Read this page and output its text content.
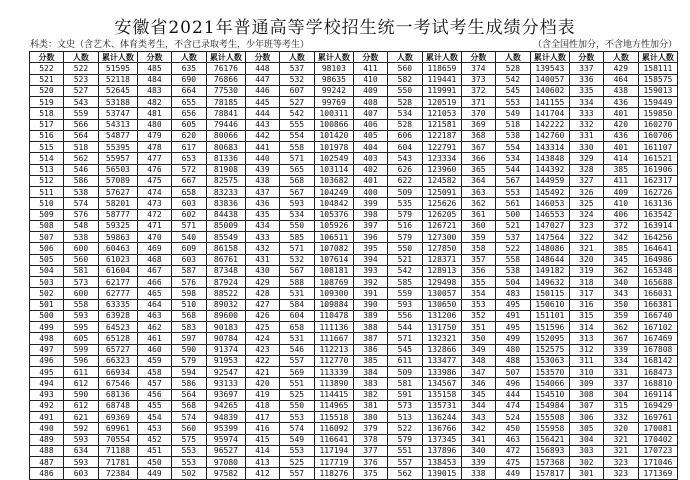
安徽省2021年普通高等学校招生统一考试考生成绩分档表
科类：文史（含艺术、体育类考生，不含已录取考生，少年班等考生）	（含全国性加分，不含地方性加分）
分数	人数	累计人数	分数	人数	累计人数	分数	人数	累计人数	分数	人数	累计人数	分数	人数	累计人数	分数	人数	累计人数
522	522	51595	485	635	76176	448	537	98103	411	560	118659	374	528	139543	337	429	158111
521	523	52118	484	690	76866	447	532	98635	410	582	119441	373	542	140057	336	464	158575
520	527	52645	483	664	77530	446	607	99242	409	550	119991	372	545	140602	335	438	159013
519	543	53188	482	655	78185	445	527	99769	408	528	120519	371	553	141155	334	436	159449
518	559	53747	481	656	78841	444	542	100311	407	534	121053	370	549	141704	333	401	159850
517	566	54313	480	605	79446	443	555	100866	406	528	121581	369	518	142222	332	420	160270
516	564	54877	479	620	80066	442	554	101420	405	606	122187	368	538	142760	331	436	160706
515	518	55395	478	617	80683	441	558	101978	404	604	122791	367	554	143314	330	401	161107
514	562	55957	477	653	81336	440	571	102549	403	543	123334	366	534	143848	329	414	161521
513	546	56503	476	572	81908	439	565	103114	402	626	123960	365	544	144392	328	385	161906
512	586	57089	475	667	82575	438	568	103682	401	622	124582	364	567	144959	327	411	162317
511	538	57627	474	658	83233	437	567	104249	400	509	125091	363	553	145492	326	409	162726
510	574	58201	473	603	83836	436	593	104842	399	535	125626	362	561	146053	325	410	163136
509	576	58777	472	602	84438	435	534	105376	398	579	126205	361	500	146553	324	406	163542
508	548	59325	471	571	85009	434	550	105926	397	516	126721	360	521	147027	323	372	163914
507	538	59863	470	540	85549	433	585	106511	396	579	127300	359	537	147564	322	342	164256
506	600	60463	469	609	86158	432	571	107082	395	550	127850	358	522	148086	321	385	164641
505	560	61023	468	603	86761	431	532	107614	394	521	128371	357	558	148644	320	345	164986
504	581	61604	467	587	87348	430	567	108181	393	542	128913	356	538	149182	319	362	165348
503	573	62177	466	576	87924	429	588	108769	392	585	129498	355	504	149632	318	340	165688
502	600	62777	465	598	88522	428	531	109300	391	559	130057	354	483	150115	317	343	166031
501	558	63335	464	510	89032	427	584	109884	390	593	130650	353	495	150610	316	350	166381
500	593	63928	463	568	89600	426	604	110478	389	556	131206	352	491	151101	315	359	166740
499	595	64523	462	583	90183	425	658	111136	388	544	131750	351	495	151596	314	362	167102
498	605	65128	461	597	90784	424	531	111667	387	571	132321	350	499	152095	313	367	167469
497	599	65727	460	590	91374	423	546	112213	386	545	132866	349	480	152575	312	339	167808
496	596	66323	459	579	91953	422	557	112770	385	611	133477	348	488	153063	311	334	168142
495	611	66934	458	594	92547	421	569	113339	384	509	133986	347	507	153570	310	331	168473
494	612	67546	457	586	93133	420	551	113890	383	581	134567	346	496	154066	309	337	168810
493	590	68136	456	564	93697	419	525	114415	382	591	135158	345	444	154510	308	304	169114
492	612	68748	455	568	94265	418	550	114965	381	573	135731	344	474	154984	307	315	169429
491	621	69369	454	574	94839	417	553	115518	380	513	136244	343	524	155508	306	332	169761
490	592	69961	453	560	95399	416	574	116092	379	522	136766	342	450	155958	305	320	170081
489	593	70554	452	575	95974	415	549	116641	378	579	137345	341	463	156421	304	321	170402
488	634	71188	451	553	96527	414	553	117194	377	551	137896	340	472	156893	303	321	170723
487	593	71781	450	553	97080	413	525	117719	376	557	138453	339	475	157368	302	323	171046
486	603	72384	449	502	97582	412	557	118276	375	562	139015	338	449	157817	301	323	171369
